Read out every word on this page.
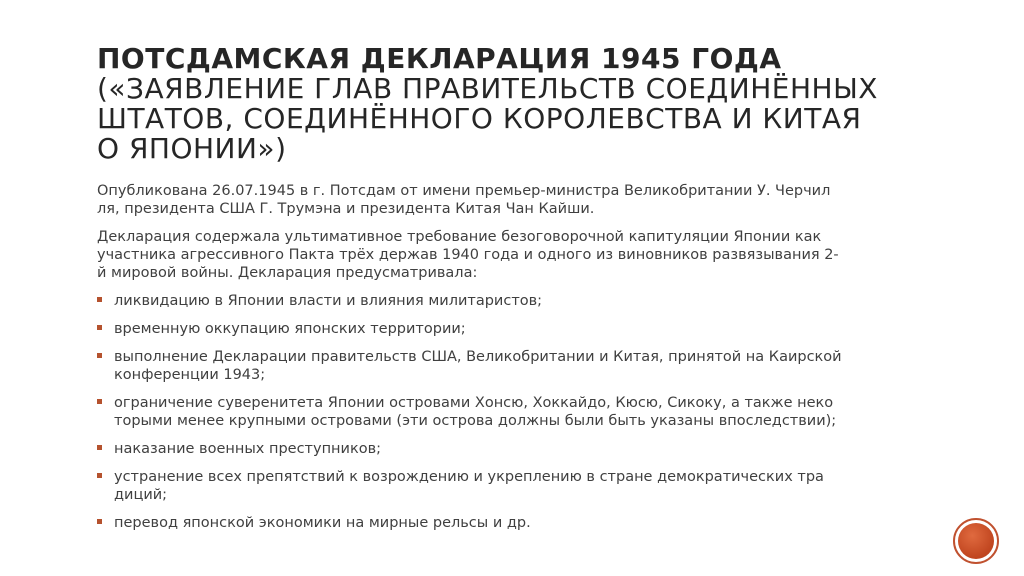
ПОТСДАМСКАЯ ДЕКЛАРАЦИЯ 1945 ГОДА
(«ЗАЯВЛЕНИЕ ГЛАВ ПРАВИТЕЛЬСТВ СОЕДИНЁННЫХ
ШТАТОВ, СОЕДИНЁННОГО КОРОЛЕВСТВА И КИТАЯ
О ЯПОНИИ»)

Опубликована 26.07.1945 в г. Потсдам от имени премьер-министра Великобритании У. Черчил
ля, президента США Г. Трумэна и президента Китая Чан Кайши.

Декларация содержала ультимативное требование безоговорочной капитуляции Японии как
участника агрессивного Пакта трёх держав 1940 года и одного из виновников развязывания 2-
й мировой войны. Декларация предусматривала:

ликвидацию в Японии власти и влияния милитаристов;
временную оккупацию японских территории;
выполнение Декларации правительств США, Великобритании и Китая, принятой на Каирской
конференции 1943;
ограничение суверенитета Японии островами Хонсю, Хоккайдо, Кюсю, Сикоку, а также неко
торыми менее крупными островами (эти острова должны были быть указаны впоследствии);
наказание военных преступников;
устранение всех препятствий к возрождению и укреплению в стране демократических тра
диций;
перевод японской экономики на мирные рельсы и др.
